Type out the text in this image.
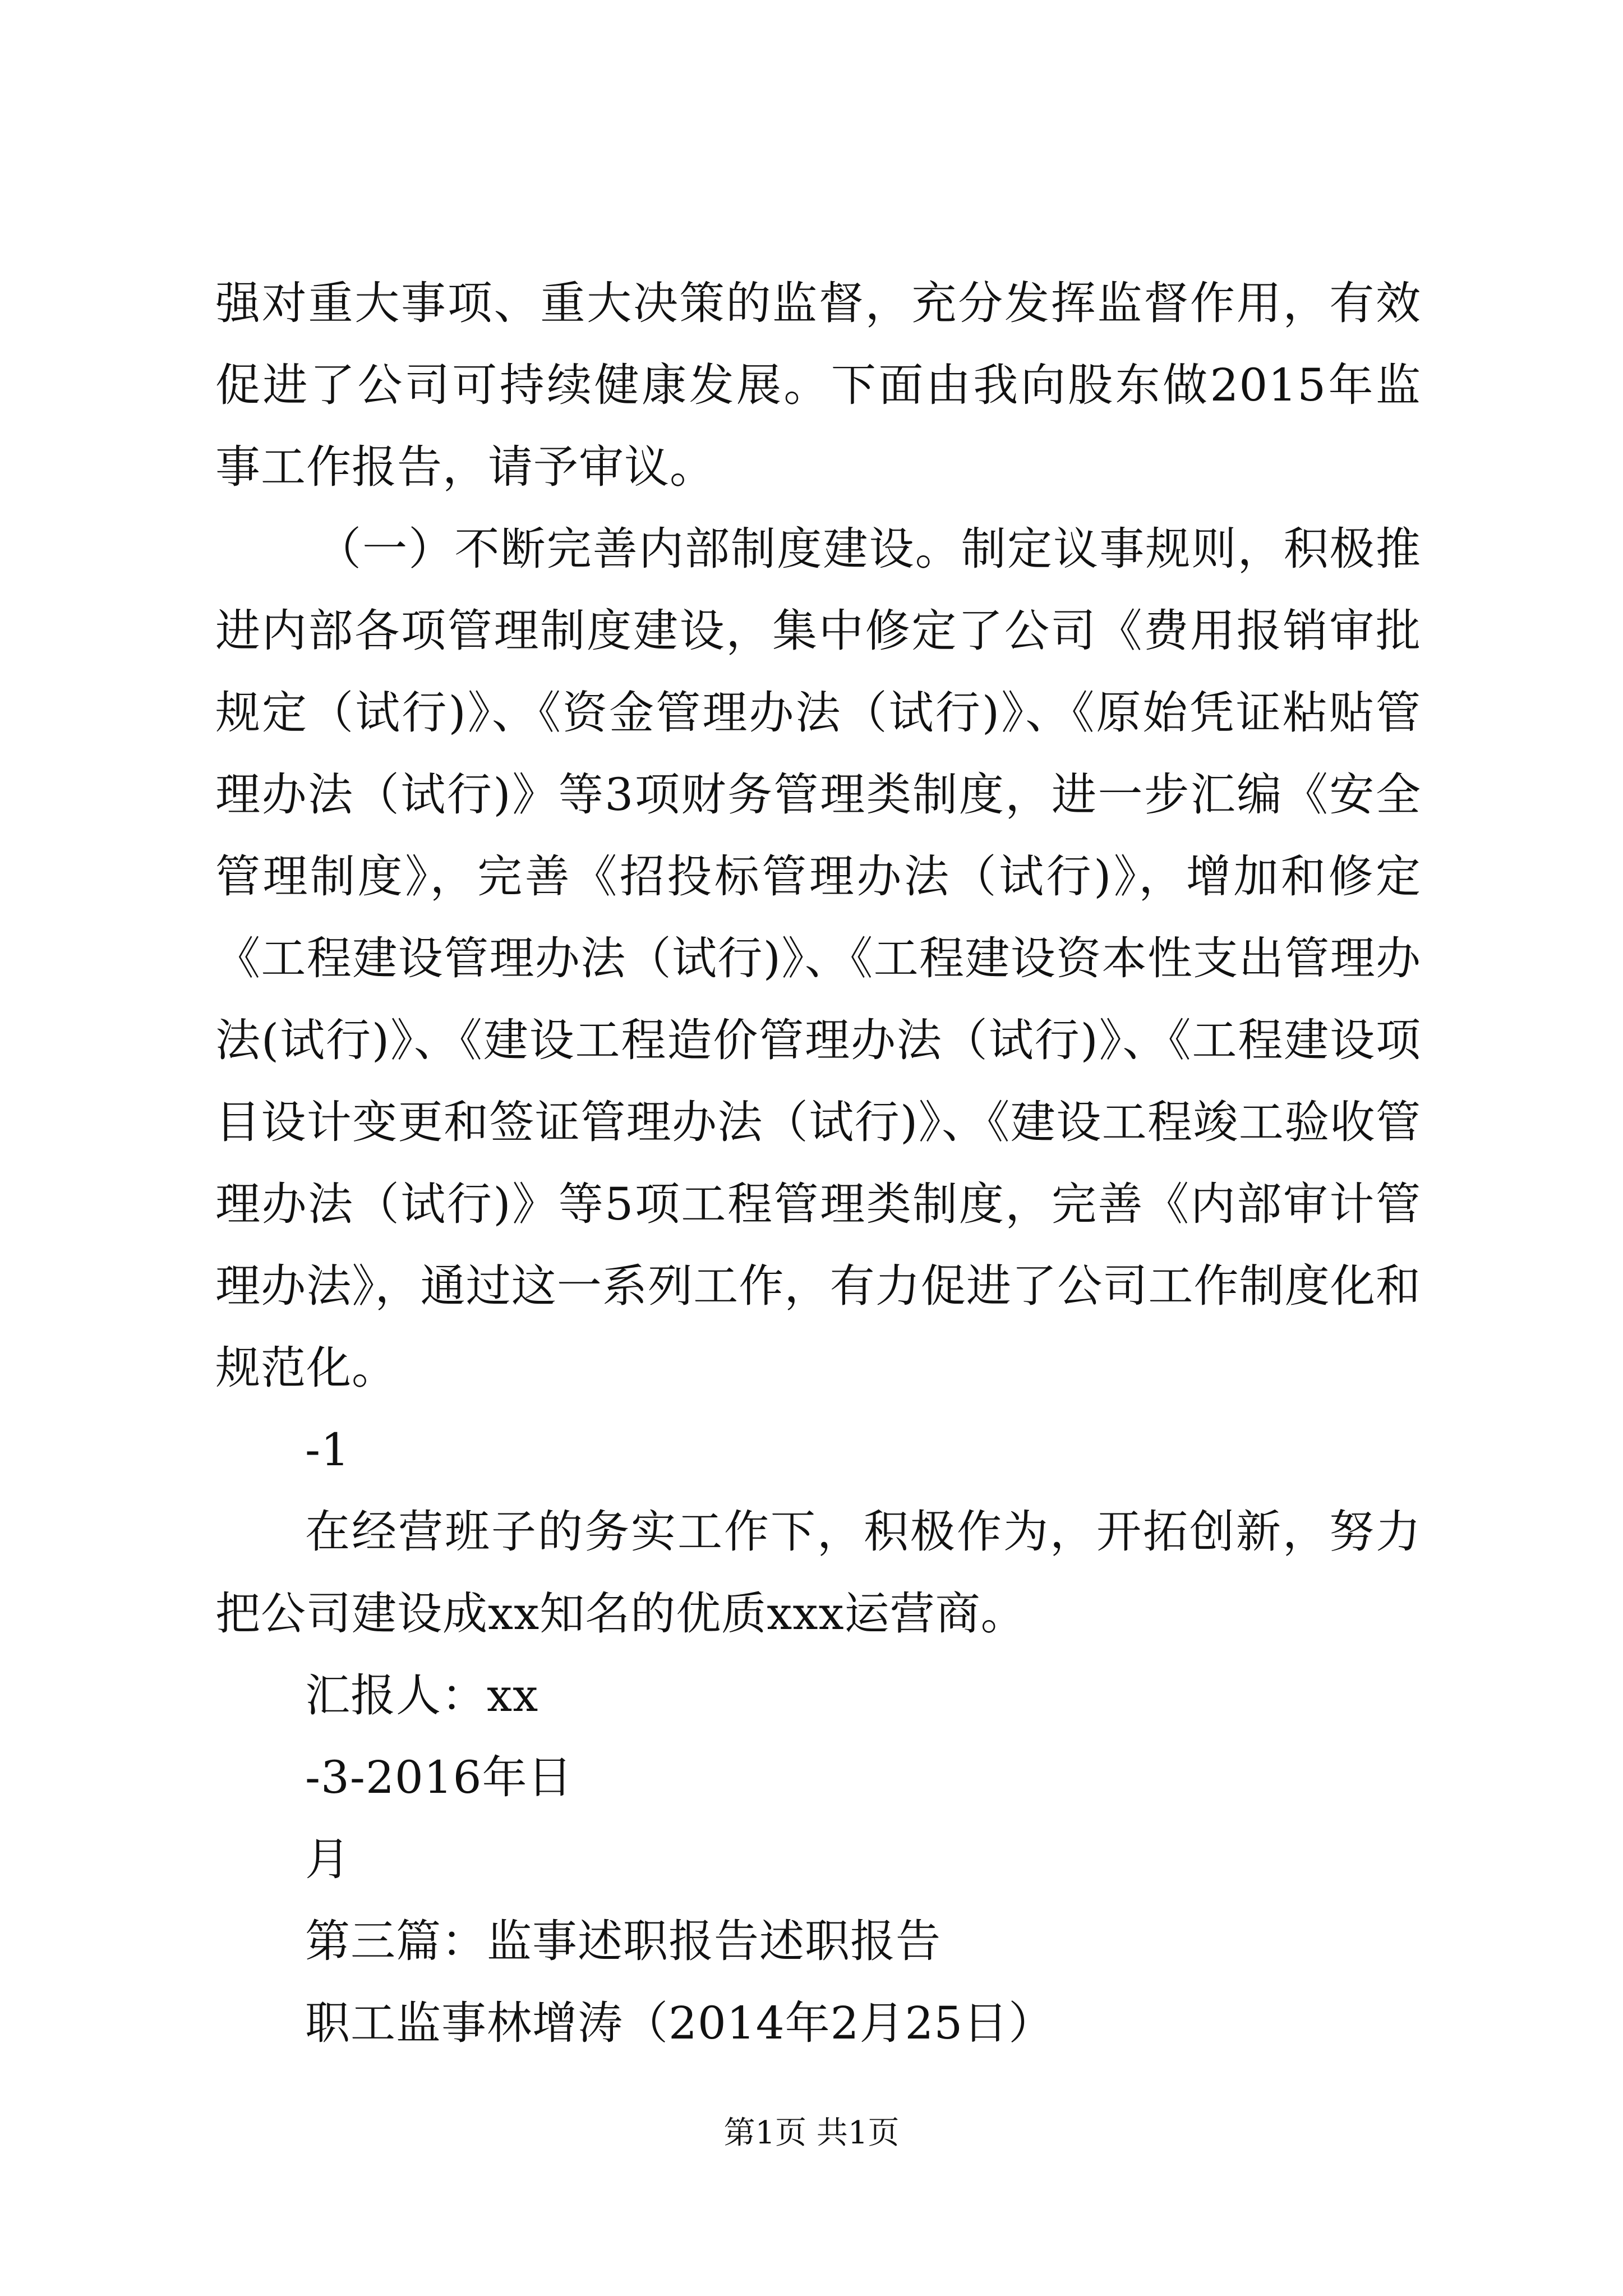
强对重大事项、重大决策的监督，充分发挥监督作用，有效促进了公司可持续健康发展。下面由我向股东做2015年监事工作报告，请予审议。

（一）不断完善内部制度建设。制定议事规则，积极推进内部各项管理制度建设，集中修定了公司《费用报销审批规定（试行)》、《资金管理办法（试行)》、《原始凭证粘贴管理办法（试行)》等3项财务管理类制度，进一步汇编《安全管理制度》，完善《招投标管理办法（试行)》，增加和修定《工程建设管理办法（试行)》、《工程建设资本性支出管理办法(试行)》、《建设工程造价管理办法（试行)》、《工程建设项目设计变更和签证管理办法（试行)》、《建设工程竣工验收管理办法（试行)》等5项工程管理类制度，完善《内部审计管理办法》，通过这一系列工作，有力促进了公司工作制度化和规范化。

-1

在经营班子的务实工作下，积极作为，开拓创新，努力把公司建设成xx知名的优质xxx运营商。

汇报人：xx

-3-2016年日

月

第三篇：监事述职报告述职报告

职工监事林增涛（2014年2月25日）

第1页 共1页
